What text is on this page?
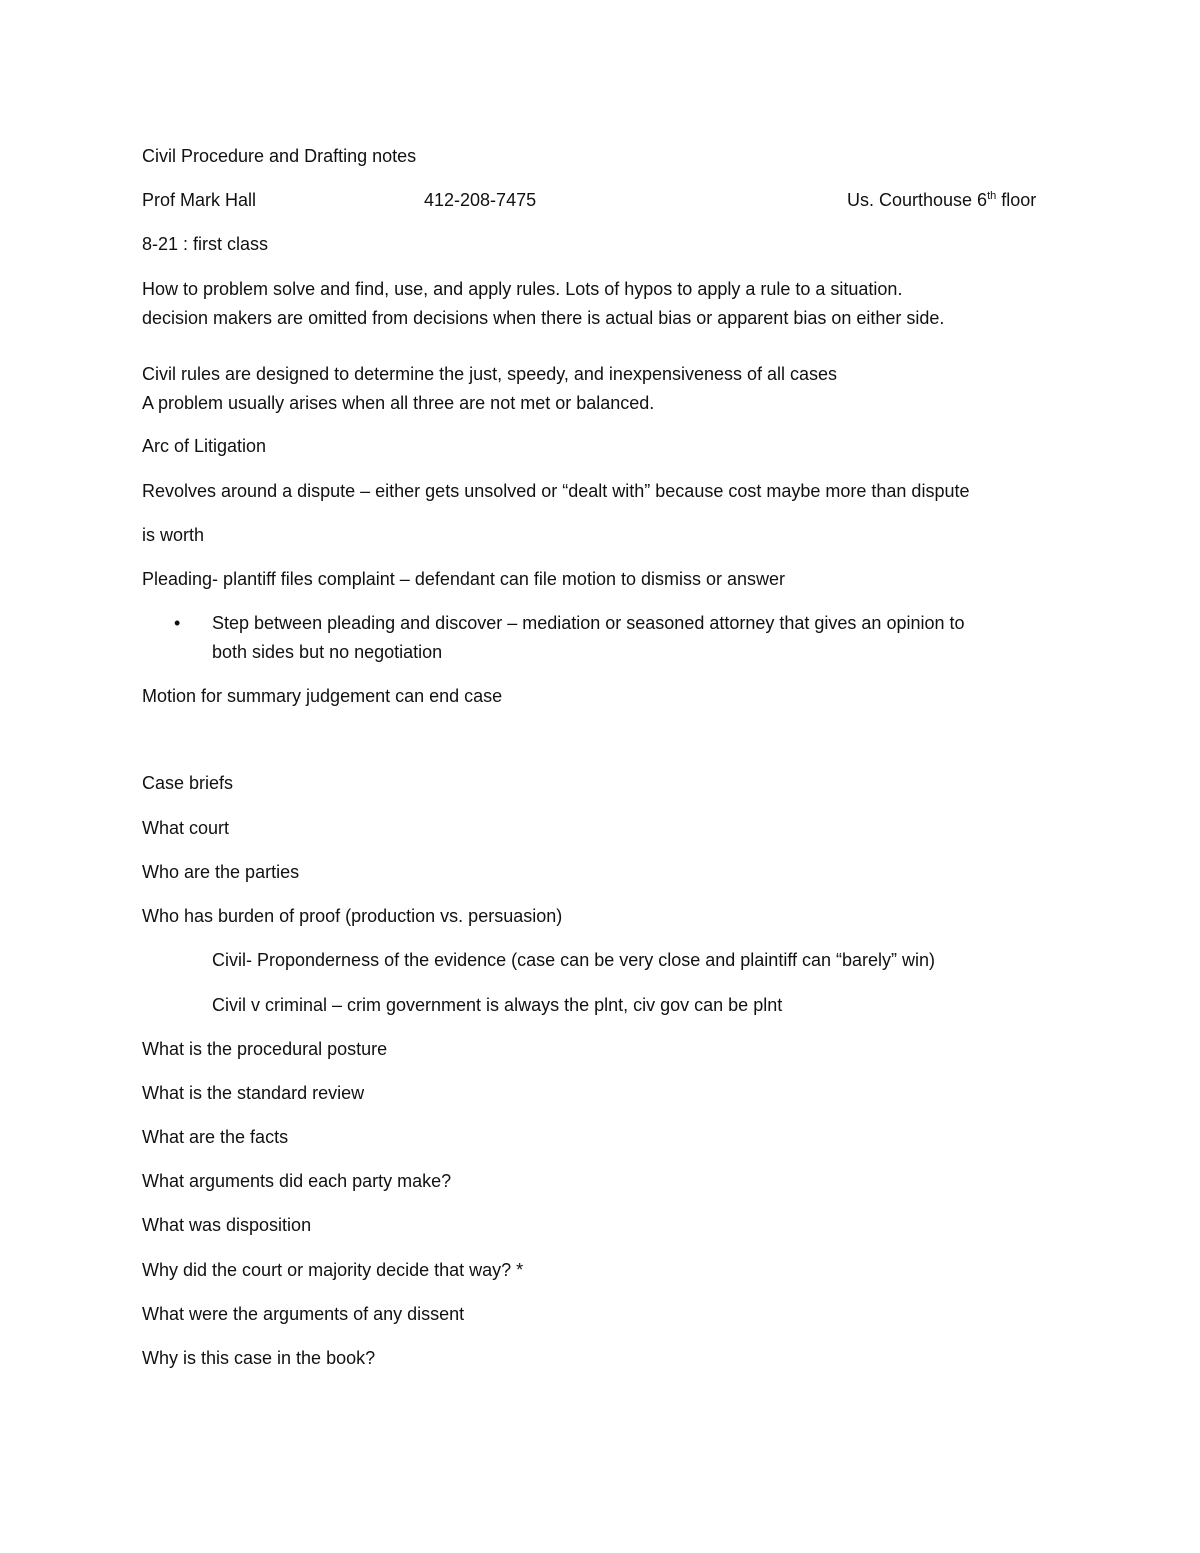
Civil Procedure and Drafting notes
Prof Mark Hall	412-208-7475	Us. Courthouse 6th floor
8-21 : first class
How to problem solve and find, use, and apply rules. Lots of hypos to apply a rule to a situation.
decision makers are omitted from decisions when there is actual bias or apparent bias on either side.
Civil rules are designed to determine the just, speedy, and inexpensiveness of all cases
A problem usually arises when all three are not met or balanced.
Arc of Litigation
Revolves around a dispute – either gets unsolved or “dealt with” because cost maybe more than dispute
is worth
Pleading- plantiff files complaint – defendant can file motion to dismiss or answer
• Step between pleading and discover – mediation or seasoned attorney that gives an opinion to
both sides but no negotiation
Motion for summary judgement can end case
Case briefs
What court
Who are the parties
Who has burden of proof (production vs. persuasion)
Civil- Proponderness of the evidence (case can be very close and plaintiff can “barely” win)
Civil v criminal – crim government is always the plnt, civ gov can be plnt
What is the procedural posture
What is the standard review
What are the facts
What arguments did each party make?
What was disposition
Why did the court or majority decide that way? *
What were the arguments of any dissent
Why is this case in the book?
